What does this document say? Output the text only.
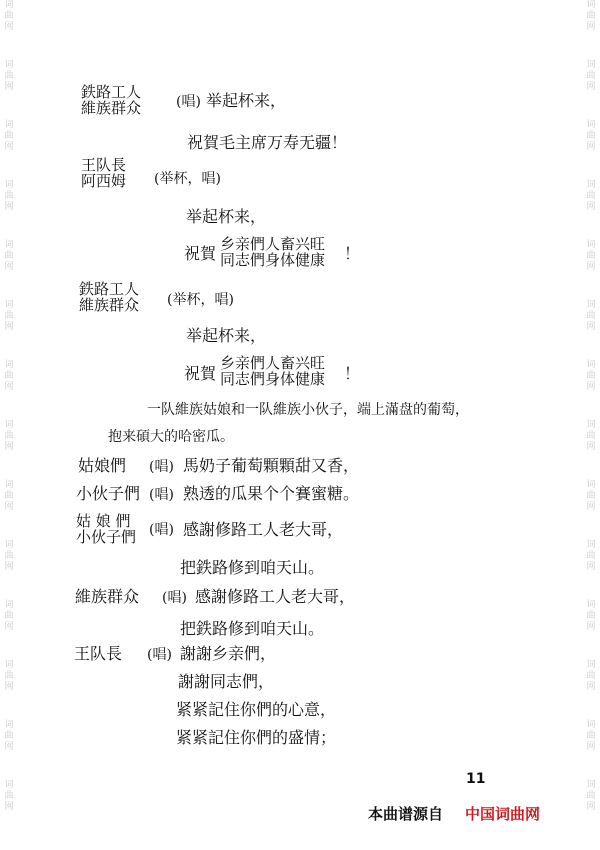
词
曲
网
词
曲
网
词
曲
网
词
曲
网
词
曲
网
词
曲
网
词
曲
网
词
曲
网
词
曲
网
词
曲
网
词
曲
网
词
曲
网
词
曲
网
词
曲
网
词
曲
网
词
曲
网
词
曲
网
词
曲
网
词
曲
网
词
曲
网
词
曲
网
词
曲
网
词
曲
网
词
曲
网
词
曲
网
词
曲
网
词
曲
网
词
曲
网
鉄路工人
維族群众 (唱) 举起杯来，
祝賀毛主席万寿无疆！
王队長
阿西姆 (举杯，唱)
举起杯来，
祝賀 乡亲們人畜兴旺
同志們身体健康 ！
鉄路工人
維族群众 (举杯，唱)
举起杯来，
祝賀
乡亲們人畜兴旺
同志們身体健康 ！
一队維族姑娘和一队維族小伙子，端上滿盘的葡萄，
抱来碩大的哈密瓜。
姑娘們 (唱) 馬奶子葡萄顆顆甜又香，
小伙子們 (唱) 熟透的瓜果个个賽蜜糖。
姑 娘 們
小伙子們 (唱) 感謝修路工人老大哥，
把鉄路修到咱天山。
維族群众 (唱) 感謝修路工人老大哥，
把鉄路修到咱天山。
王队長 (唱) 謝謝乡亲們，
謝謝同志們，
紧紧記住你們的心意，
紧紧記住你們的盛情；
11
本曲谱源自 中国词曲网
